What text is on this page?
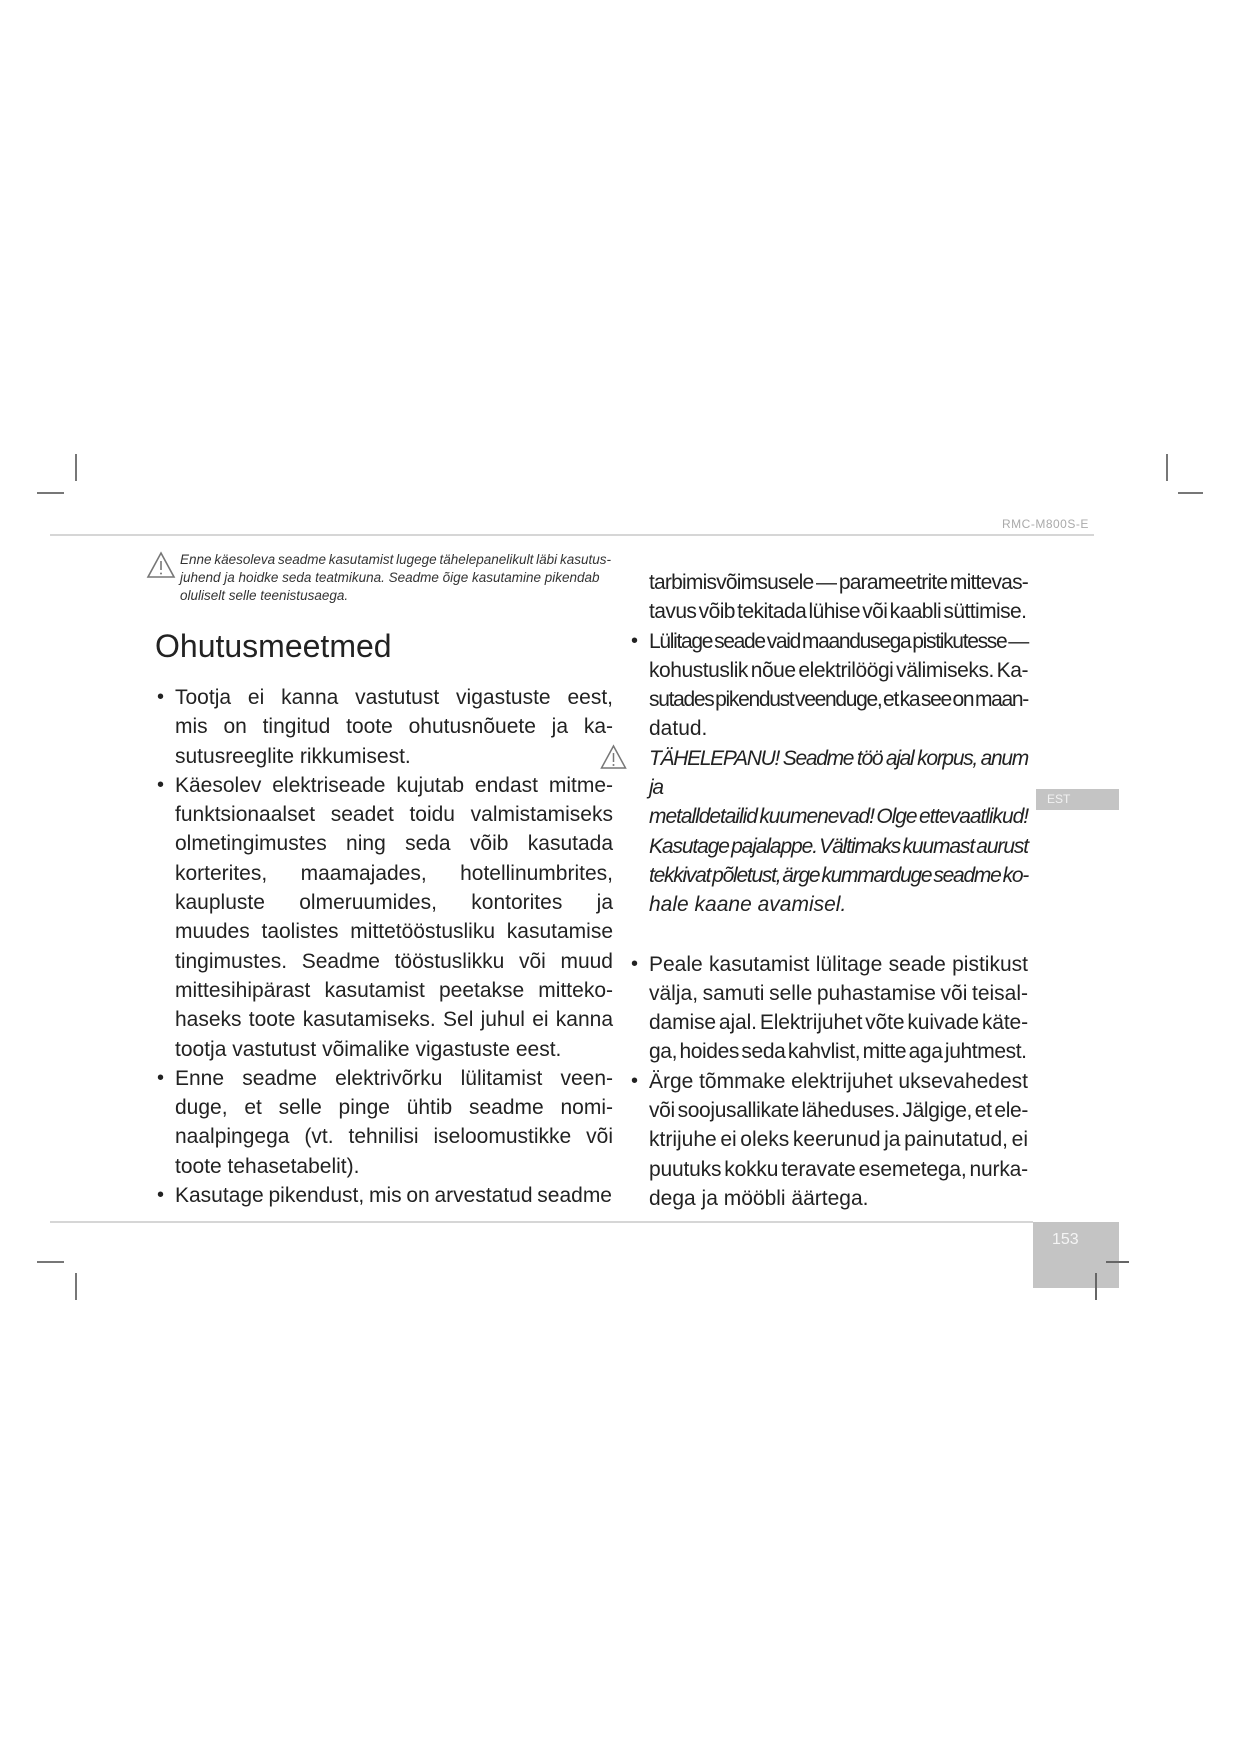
RMC-M800S-E
Enne käesoleva seadme kasutamist lugege tähelepanelikult läbi kasutus-
juhend ja hoidke seda teatmikuna. Seadme õige kasutamine pikendab
oluliselt selle teenistusaega.
Ohutusmeetmed
• Tootja ei kanna vastutust vigastuste eest,
mis on tingitud toote ohutusnõuete ja ka-
sutusreeglite rikkumisest.
• Käesolev elektriseade kujutab endast mitme-
funktsionaalset seadet toidu valmistamiseks
olmetingimustes ning seda võib kasutada
korterites, maamajades, hotellinumbrites,
kaupluste olmeruumides, kontorites ja
muudes taolistes mittetööstusliku kasutamise
tingimustes. Seadme tööstuslikku või muud
mittesihipärast kasutamist peetakse mitteko-
haseks toote kasutamiseks. Sel juhul ei kanna
tootja vastutust võimalike vigastuste eest.
• Enne seadme elektrivõrku lülitamist veen-
duge, et selle pinge ühtib seadme nomi-
naalpingega (vt. tehnilisi iseloomustikke või
toote tehasetabelit).
• Kasutage pikendust, mis on arvestatud seadme
tarbimisvõimsusele — parameetrite mittevas-
tavus võib tekitada lühise või kaabli süttimise.
• Lülitage seade vaid maandusega pistikutesse —
kohustuslik nõue elektrilöögi välimiseks. Ka-
sutades pikendust veenduge, et ka see on maan-
datud.
TÄHELEPANU! Seadme töö ajal korpus, anum ja
metalldetailid kuumenevad! Olge ettevaatlikud!
Kasutage pajalappe. Vältimaks kuumast aurust
tekkivat põletust, ärge kummarduge seadme ko-
hale kaane avamisel.
• Peale kasutamist lülitage seade pistikust
välja, samuti selle puhastamise või teisal-
damise ajal. Elektrijuhet võte kuivade käte-
ga, hoides seda kahvlist, mitte aga juhtmest.
• Ärge tõmmake elektrijuhet uksevahedest
või soojusallikate läheduses. Jälgige, et ele-
ktrijuhe ei oleks keerunud ja painutatud, ei
puutuks kokku teravate esemetega, nurka-
dega ja mööbli äärtega.
EST
153
